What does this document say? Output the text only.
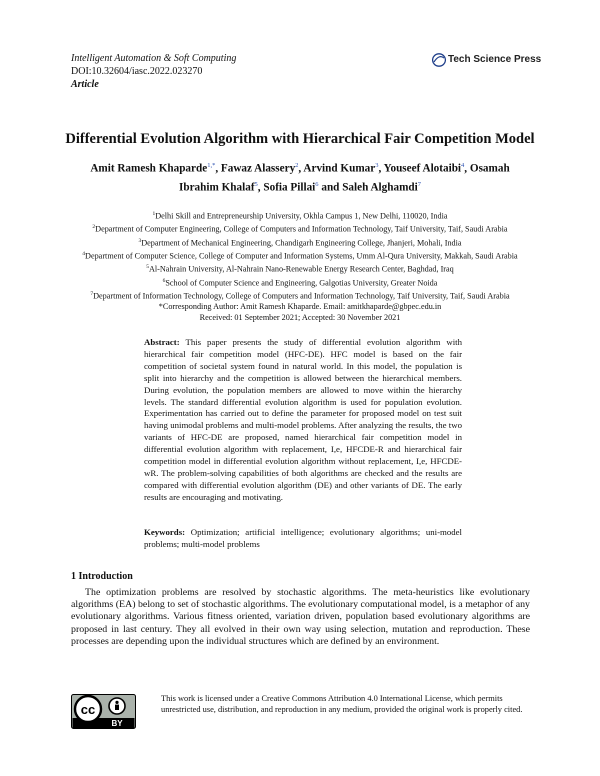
Intelligent Automation & Soft Computing
DOI:10.32604/iasc.2022.023270
Article
Tech Science Press
Differential Evolution Algorithm with Hierarchical Fair Competition Model
Amit Ramesh Khaparde$^{1,*}$, Fawaz Alassery$^2$, Arvind Kumar$^3$, Youseef Alotaibi$^4$, Osamah Ibrahim Khalaf$^5$, Sofia Pillai$^6$ and Saleh Alghamdi$^7$
$^1$Delhi Skill and Entrepreneurship University, Okhla Campus 1, New Delhi, 110020, India
$^2$Department of Computer Engineering, College of Computers and Information Technology, Taif University, Taif, Saudi Arabia
$^3$Department of Mechanical Engineering, Chandigarh Engineering College, Jhanjeri, Mohali, India
$^4$Department of Computer Science, College of Computer and Information Systems, Umm Al-Qura University, Makkah, Saudi Arabia
$^5$Al-Nahrain University, Al-Nahrain Nano-Renewable Energy Research Center, Baghdad, Iraq
$^6$School of Computer Science and Engineering, Galgotias University, Greater Noida
$^7$Department of Information Technology, College of Computers and Information Technology, Taif University, Taif, Saudi Arabia
*Corresponding Author: Amit Ramesh Khaparde. Email: amitkhaparde@gbpec.edu.in
Received: 01 September 2021; Accepted: 30 November 2021
Abstract: This paper presents the study of differential evolution algorithm with hierarchical fair competition model (HFC-DE). HFC model is based on the fair competition of societal system found in natural world. In this model, the population is split into hierarchy and the competition is allowed between the hierarchical members. During evolution, the population members are allowed to move within the hierarchy levels. The standard differential evolution algorithm is used for population evolution. Experimentation has carried out to define the parameter for proposed model on test suit having unimodal problems and multi-model problems. After analyzing the results, the two variants of HFC-DE are proposed, named hierarchical fair competition model in differential evolution algorithm with replacement, I,e, HFCDE-R and hierarchical fair competition model in differential evolution algorithm without replacement, I,e, HFCDE-wR. The problem-solving capabilities of both algorithms are checked and the results are compared with differential evolution algorithm (DE) and other variants of DE. The early results are encouraging and motivating.
Keywords: Optimization; artificial intelligence; evolutionary algorithms; uni-model problems; multi-model problems
1 Introduction
The optimization problems are resolved by stochastic algorithms. The meta-heuristics like evolutionary algorithms (EA) belong to set of stochastic algorithms. The evolutionary computational model, is a metaphor of any evolutionary algorithms. Various fitness oriented, variation driven, population based evolutionary algorithms are proposed in last century. They all evolved in their own way using selection, mutation and reproduction. These processes are depending upon the individual structures which are defined by an environment.
cc
BY
This work is licensed under a Creative Commons Attribution 4.0 International License, which permits unrestricted use, distribution, and reproduction in any medium, provided the original work is properly cited.
